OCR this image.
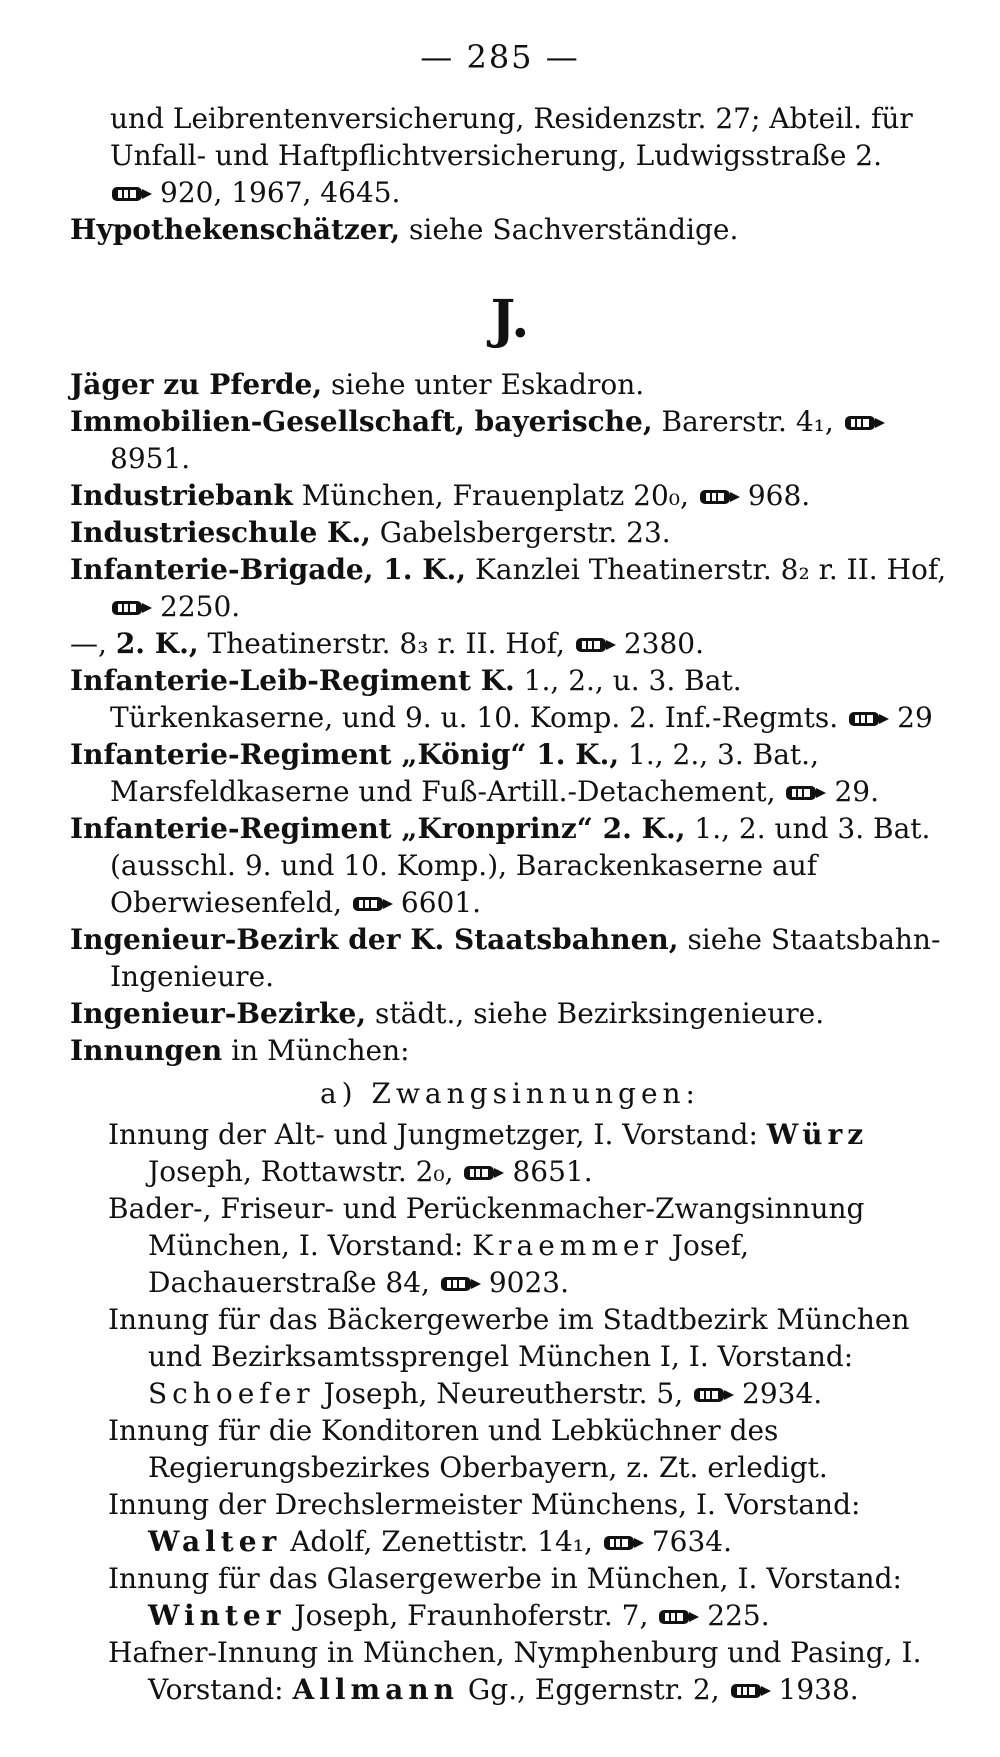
— 285 —
und Leibrentenversicherung, Residenzstr. 27; Abteil. für
Unfall- und Haftpflichtversicherung, Ludwigsstraße 2.
920, 1967, 4645.
Hypothekenschätzer, siehe Sachverständige.
J.
Jäger zu Pferde, siehe unter Eskadron.
Immobilien-Gesellschaft, bayerische, Barerstr. 4₁,
8951.
Industriebank München, Frauenplatz 20₀, 968.
Industrieschule K., Gabelsbergerstr. 23.
Infanterie-Brigade, 1. K., Kanzlei Theatinerstr. 8₂ r. II. Hof,
2250.
—, 2. K., Theatinerstr. 8₃ r. II. Hof, 2380.
Infanterie-Leib-Regiment K. 1., 2., u. 3. Bat. Türkenkaserne, und 9. u. 10. Komp. 2. Inf.-Regmts. 29
Infanterie-Regiment „König“ 1. K., 1., 2., 3. Bat., Marsfeldkaserne und Fuß-Artill.-Detachement, 29.
Infanterie-Regiment „Kronprinz“ 2. K., 1., 2. und 3. Bat. (ausschl. 9. und 10. Komp.), Barackenkaserne auf Oberwiesenfeld, 6601.
Ingenieur-Bezirk der K. Staatsbahnen, siehe Staatsbahn-Ingenieure.
Ingenieur-Bezirke, städt., siehe Bezirksingenieure.
Innungen in München:
a) Zwangsinnungen:
Innung der Alt- und Jungmetzger, I. Vorstand: Würz Joseph, Rottawstr. 2₀, 8651.
Bader-, Friseur- und Perückenmacher-Zwangsinnung München, I. Vorstand: Kraemmer Josef, Dachauerstraße 84, 9023.
Innung für das Bäckergewerbe im Stadtbezirk München und Bezirksamtssprengel München I, I. Vorstand: Schoefer Joseph, Neureutherstr. 5, 2934.
Innung für die Konditoren und Lebküchner des Regierungsbezirkes Oberbayern, z. Zt. erledigt.
Innung der Drechslermeister Münchens, I. Vorstand: Walter Adolf, Zenettistr. 14₁, 7634.
Innung für das Glasergewerbe in München, I. Vorstand: Winter Joseph, Fraunhoferstr. 7, 225.
Hafner-Innung in München, Nymphenburg und Pasing, I. Vorstand: Allmann Gg., Eggernstr. 2, 1938.
